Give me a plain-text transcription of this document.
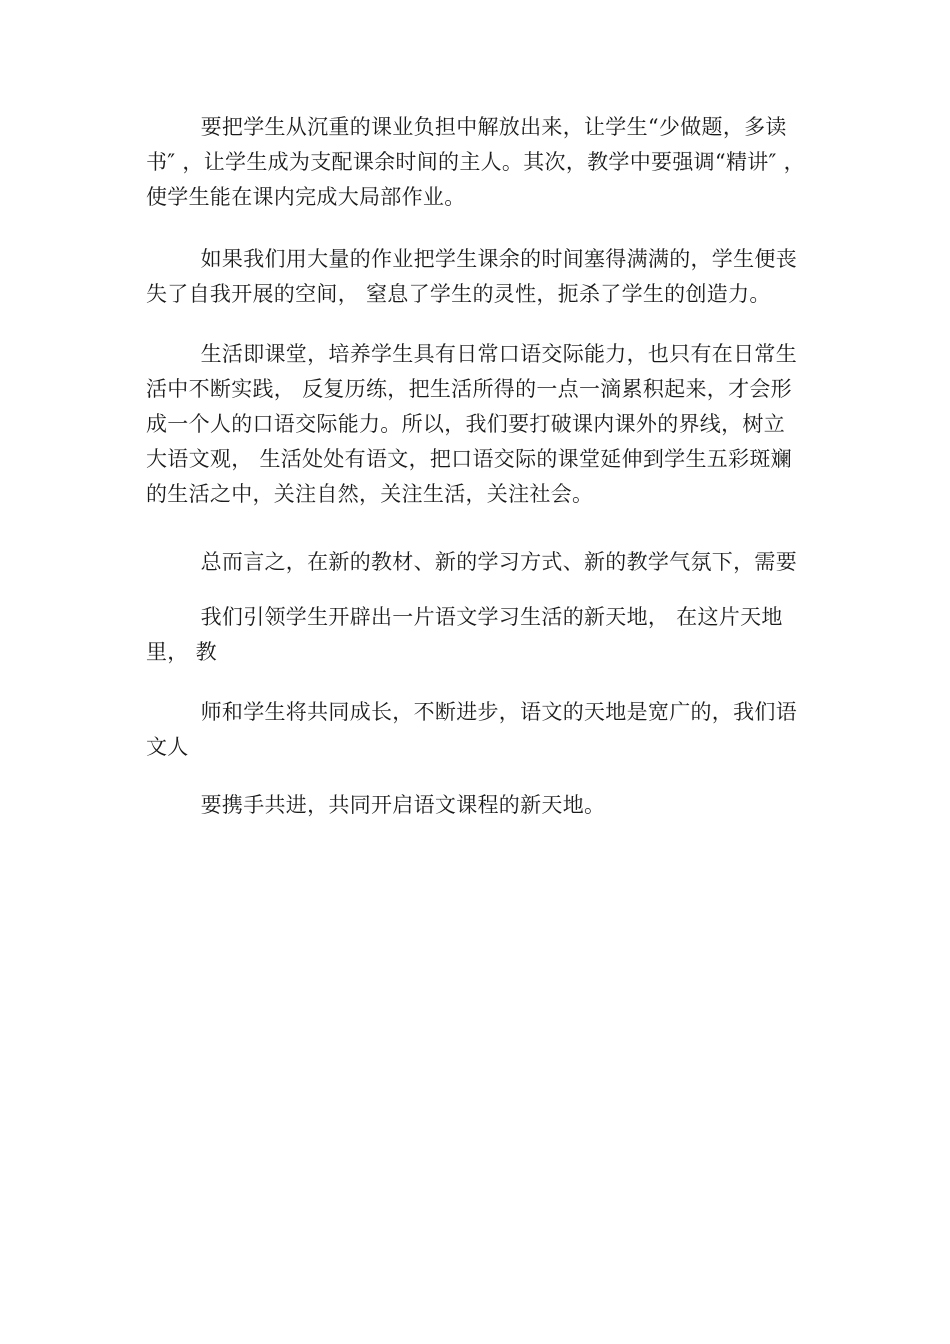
要把学生从沉重的课业负担中解放出来，让学生“少做题，多读书″ ，让学生成为支配课余时间的主人。其次，教学中要强调“精讲″ ，使学生能在课内完成大局部作业。

如果我们用大量的作业把学生课余的时间塞得满满的，学生便丧失了自我开展的空间， 窒息了学生的灵性，扼杀了学生的创造力。

生活即课堂，培养学生具有日常口语交际能力，也只有在日常生活中不断实践， 反复历练，把生活所得的一点一滴累积起来，才会形成一个人的口语交际能力。所以，我们要打破课内课外的界线，树立大语文观， 生活处处有语文，把口语交际的课堂延伸到学生五彩斑斓的生活之中，关注自然，关注生活，关注社会。

总而言之，在新的教材、新的学习方式、新的教学气氛下，需要

我们引领学生开辟出一片语文学习生活的新天地， 在这片天地里， 教

师和学生将共同成长，不断进步，语文的天地是宽广的，我们语文人

要携手共进，共同开启语文课程的新天地。
